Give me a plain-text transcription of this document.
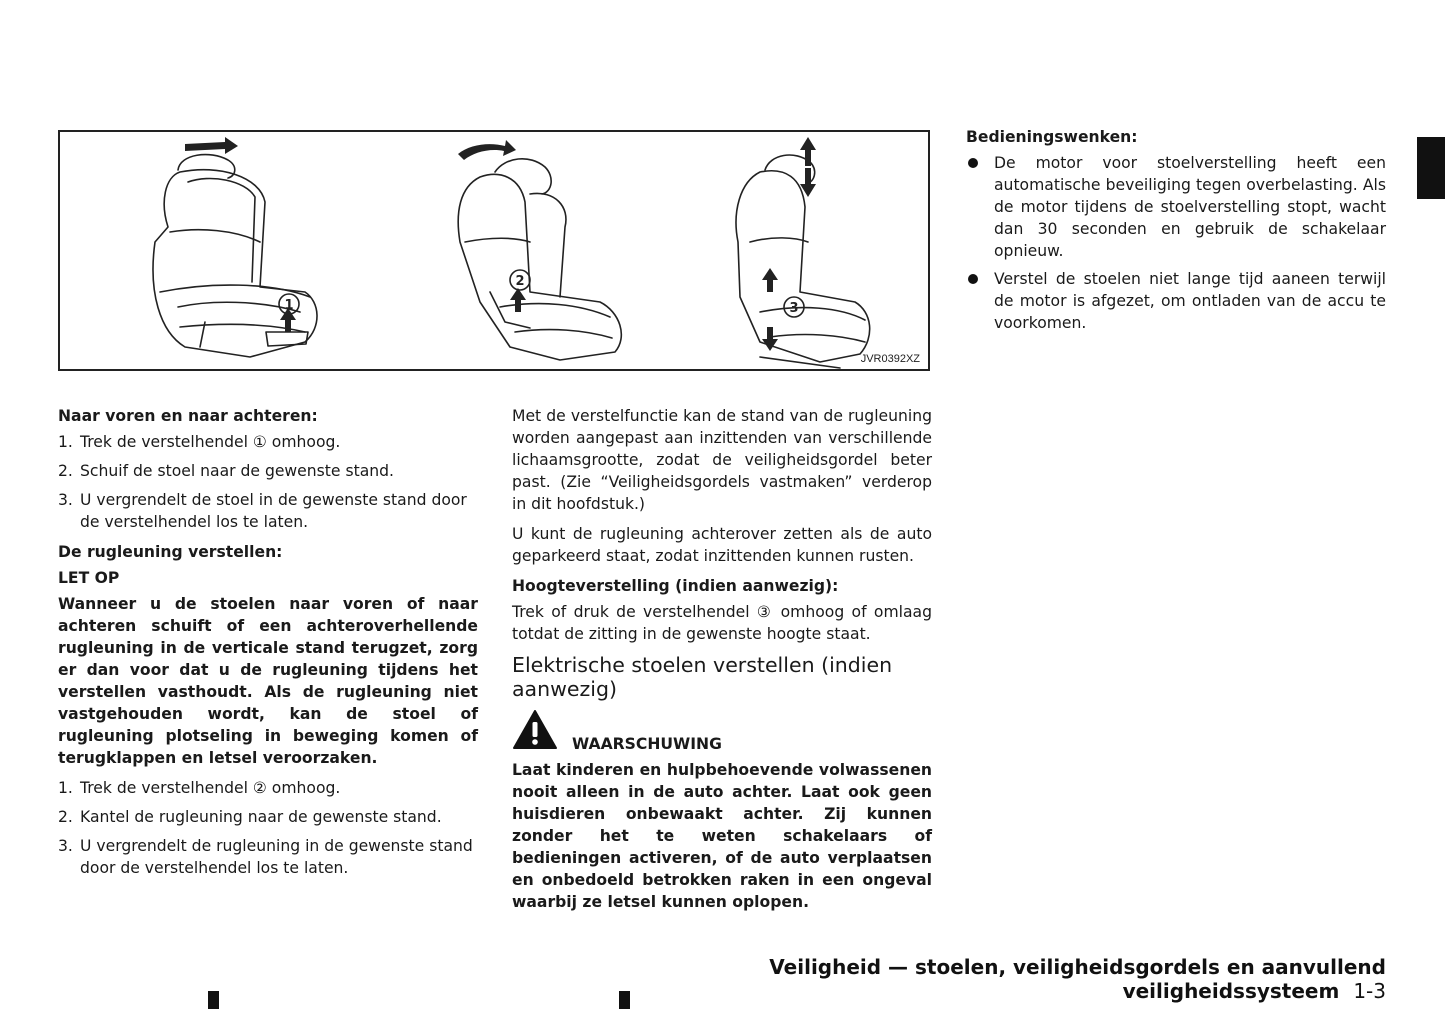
1
2
3
JVR0392XZ

Naar voren en naar achteren:

1. Trek de verstelhendel ① omhoog.
2. Schuif de stoel naar de gewenste stand.
3. U vergrendelt de stoel in de gewenste stand door de verstelhendel los te laten.

De rugleuning verstellen:

LET OP

Wanneer u de stoelen naar voren of naar achteren schuift of een achteroverhellende rugleuning in de verticale stand terugzet, zorg er dan voor dat u de rugleuning tijdens het verstellen vasthoudt. Als de rugleuning niet vastgehouden wordt, kan de stoel of rugleuning plotseling in beweging komen of terugklappen en letsel veroorzaken.

1. Trek de verstelhendel ② omhoog.
2. Kantel de rugleuning naar de gewenste stand.
3. U vergrendelt de rugleuning in de gewenste stand door de verstelhendel los te laten.

Met de verstelfunctie kan de stand van de rugleuning worden aangepast aan inzittenden van verschillende lichaamsgrootte, zodat de veiligheidsgordel beter past. (Zie “Veiligheidsgordels vastmaken” verderop in dit hoofdstuk.)

U kunt de rugleuning achterover zetten als de auto geparkeerd staat, zodat inzittenden kunnen rusten.

Hoogteverstelling (indien aanwezig):

Trek of druk de verstelhendel ③ omhoog of omlaag totdat de zitting in de gewenste hoogte staat.

Elektrische stoelen verstellen (indien aanwezig)
WAARSCHUWING

Laat kinderen en hulpbehoevende volwassenen nooit alleen in de auto achter. Laat ook geen huisdieren onbewaakt achter. Zij kunnen zonder het te weten schakelaars of bedieningen activeren, of de auto verplaatsen en onbedoeld betrokken raken in een ongeval waarbij ze letsel kunnen oplopen.

Bedieningswenken:

De motor voor stoelverstelling heeft een automatische beveiliging tegen overbelasting. Als de motor tijdens de stoelverstelling stopt, wacht dan 30 seconden en gebruik de schakelaar opnieuw.
Verstel de stoelen niet lange tijd aaneen terwijl de motor is afgezet, om ontladen van de accu te voorkomen.
Veiligheid — stoelen, veiligheidsgordels en aanvullend veiligheidssysteem 1-3
